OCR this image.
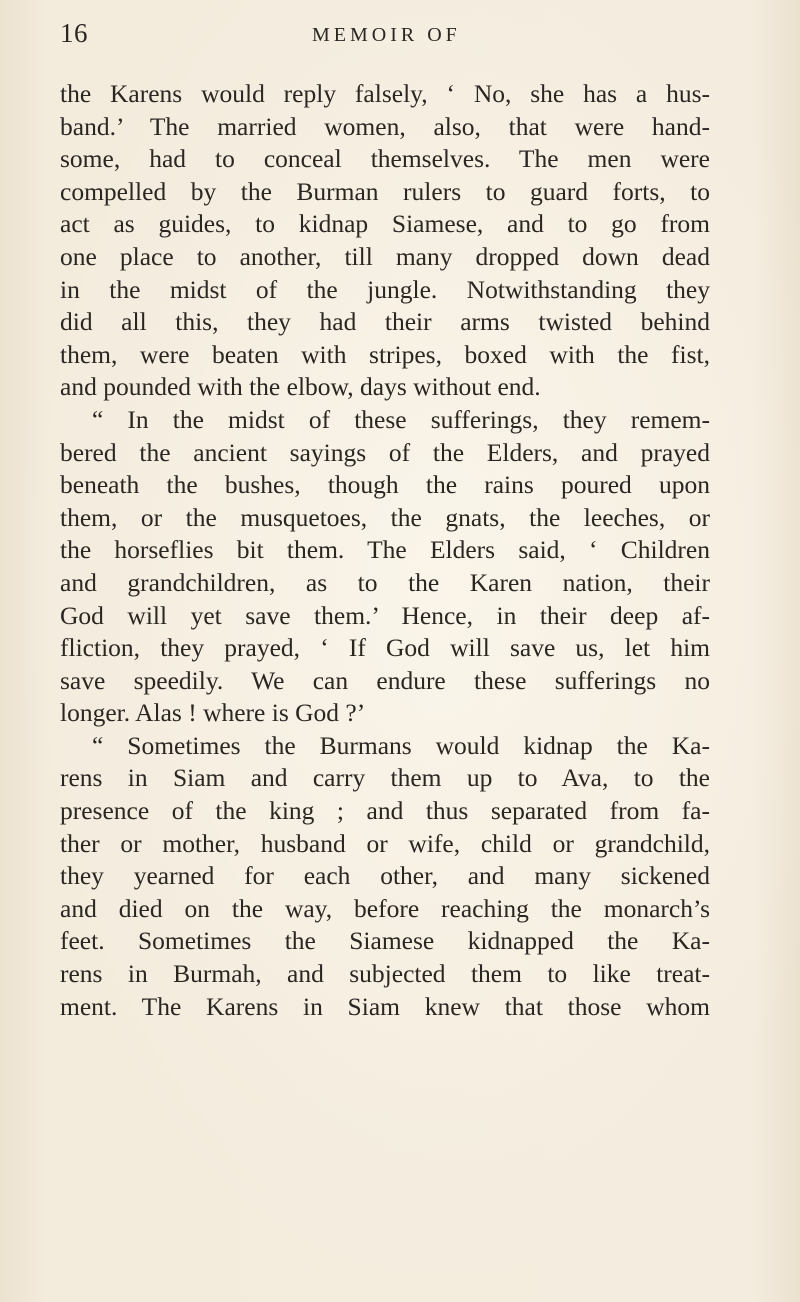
16	MEMOIR OF
the Karens would reply falsely, ‘ No, she has a hus-
band.’ The married women, also, that were hand-
some, had to conceal themselves. The men were
compelled by the Burman rulers to guard forts, to
act as guides, to kidnap Siamese, and to go from
one place to another, till many dropped down dead
in the midst of the jungle. Notwithstanding they
did all this, they had their arms twisted behind
them, were beaten with stripes, boxed with the fist,
and pounded with the elbow, days without end.
“ In the midst of these sufferings, they remem-
bered the ancient sayings of the Elders, and prayed
beneath the bushes, though the rains poured upon
them, or the musquetoes, the gnats, the leeches, or
the horseflies bit them. The Elders said, ‘ Children
and grandchildren, as to the Karen nation, their
God will yet save them.’ Hence, in their deep af-
fliction, they prayed, ‘ If God will save us, let him
save speedily. We can endure these sufferings no
longer. Alas ! where is God ?’
“ Sometimes the Burmans would kidnap the Ka-
rens in Siam and carry them up to Ava, to the
presence of the king ; and thus separated from fa-
ther or mother, husband or wife, child or grandchild,
they yearned for each other, and many sickened
and died on the way, before reaching the monarch’s
feet. Sometimes the Siamese kidnapped the Ka-
rens in Burmah, and subjected them to like treat-
ment. The Karens in Siam knew that those whom
